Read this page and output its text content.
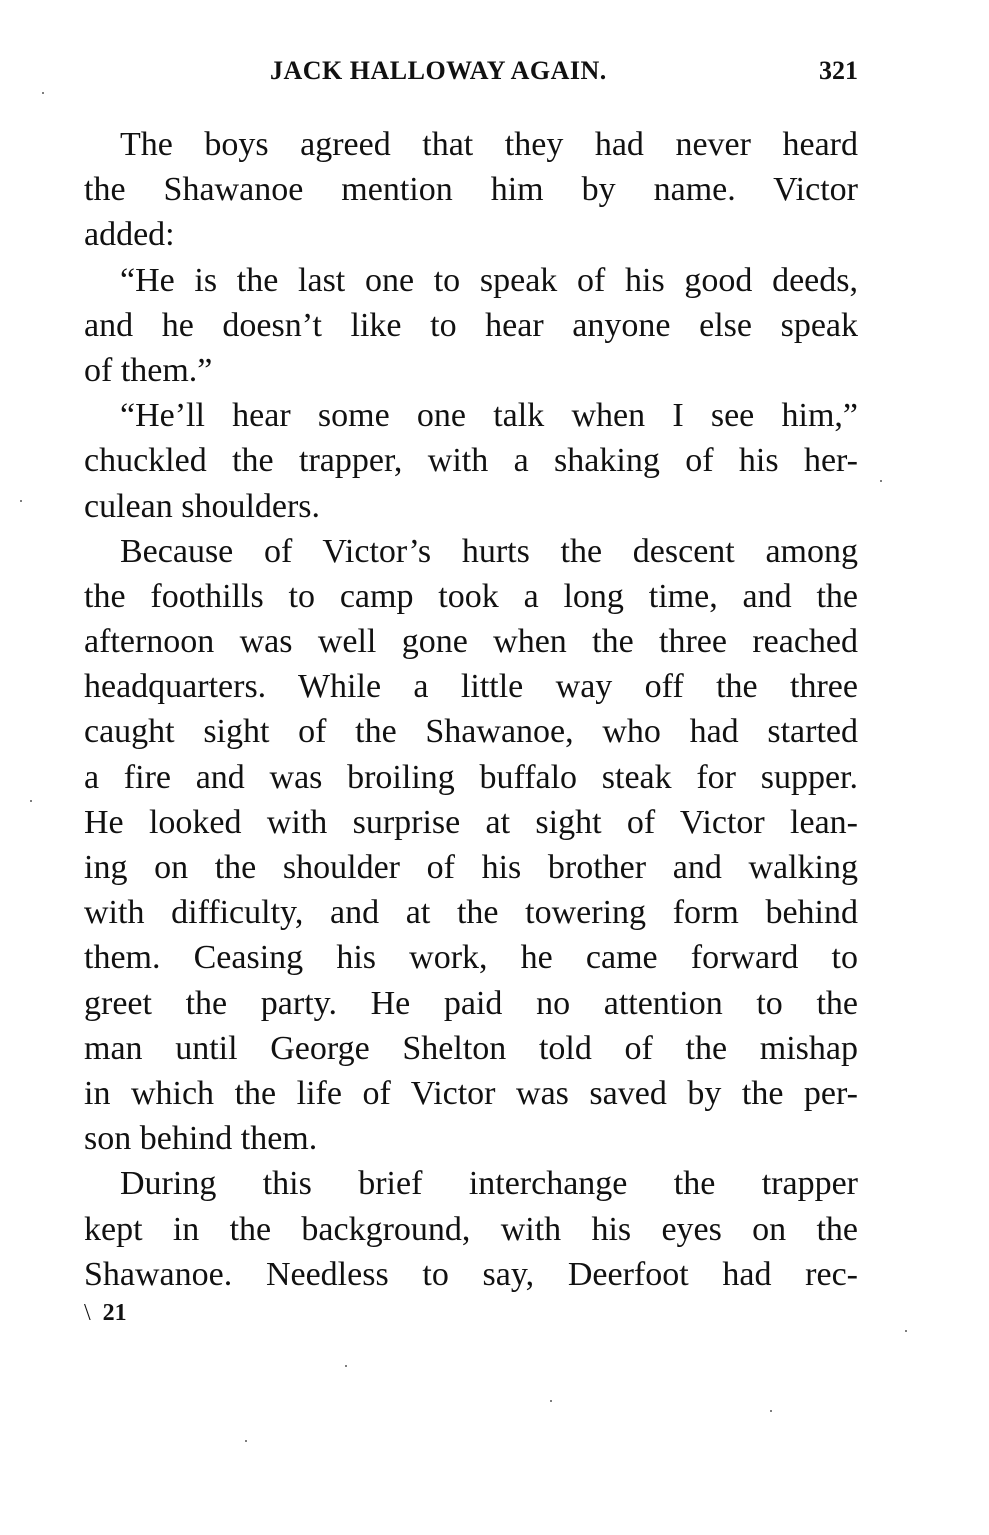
JACK HALLOWAY AGAIN.	321
The boys agreed that they had never heard
the Shawanoe mention him by name. Victor
added:
“He is the last one to speak of his good deeds,
and he doesn’t like to hear anyone else speak
of them.”
“He’ll hear some one talk when I see him,”
chuckled the trapper, with a shaking of his her-
culean shoulders.
Because of Victor’s hurts the descent among
the foothills to camp took a long time, and the
afternoon was well gone when the three reached
headquarters. While a little way off the three
caught sight of the Shawanoe, who had started
a fire and was broiling buffalo steak for supper.
He looked with surprise at sight of Victor lean-
ing on the shoulder of his brother and walking
with difficulty, and at the towering form behind
them. Ceasing his work, he came forward to
greet the party. He paid no attention to the
man until George Shelton told of the mishap
in which the life of Victor was saved by the per-
son behind them.
During this brief interchange the trapper
kept in the background, with his eyes on the
Shawanoe. Needless to say, Deerfoot had rec-
\ 21
